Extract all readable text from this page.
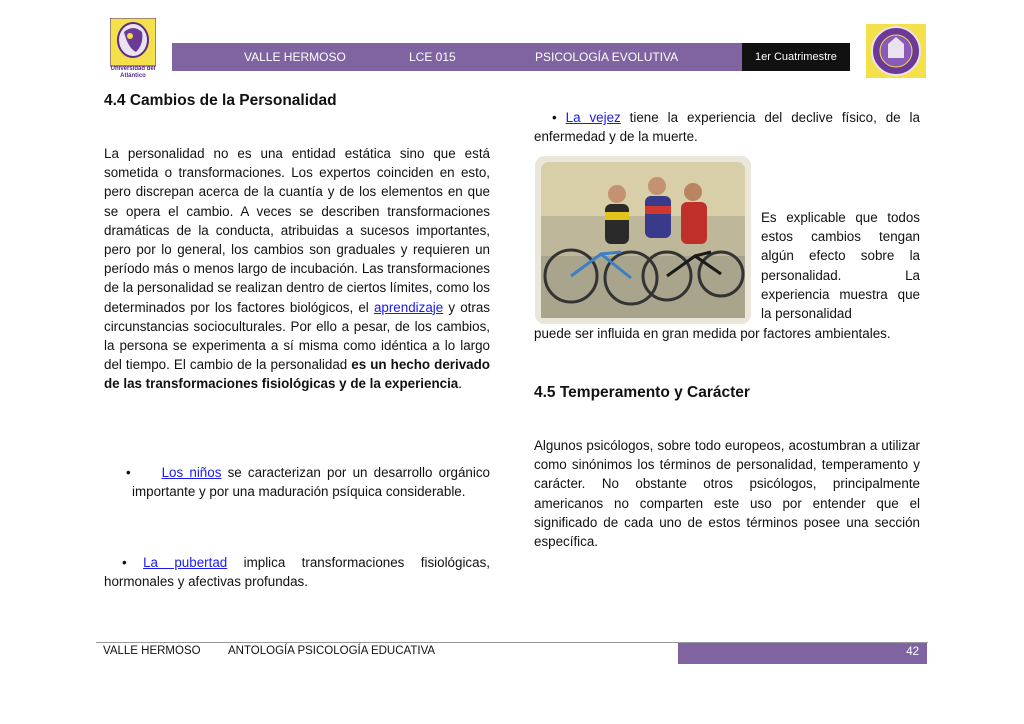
Universidad del Atlántico
VALLE HERMOSO	LCE 015	PSICOLOGÍA EVOLUTIVA	1er Cuatrimestre
4.4 Cambios de la Personalidad
La personalidad no es una entidad estática sino que está sometida o transformaciones. Los expertos coinciden en esto, pero discrepan acerca de la cuantía y de los elementos en que se opera el cambio. A veces se describen transformaciones dramáticas de la conducta, atribuidas a sucesos importantes, pero por lo general, los cambios son graduales y requieren un período más o menos largo de incubación. Las transformaciones de la personalidad se realizan dentro de ciertos límites, como los determinados por los factores biológicos, el aprendizaje y otras circunstancias socioculturales. Por ello a pesar, de los cambios, la persona se experimenta a sí misma como idéntica a lo largo del tiempo. El cambio de la personalidad es un hecho derivado de las transformaciones fisiológicas y de la experiencia.
•     Los niños se caracterizan por un desarrollo orgánico importante y por una maduración psíquica considerable.
• La pubertad implica transformaciones fisiológicas, hormonales y afectivas profundas.
• La vejez tiene la experiencia del declive físico, de la enfermedad y de la muerte.
Es explicable que todos estos cambios tengan algún efecto sobre la personalidad. La experiencia muestra que la personalidad
puede ser influida en gran medida por factores ambientales.
4.5 Temperamento y Carácter
Algunos psicólogos, sobre todo europeos, acostumbran a utilizar como sinónimos los términos de personalidad, temperamento y carácter. No obstante otros psicólogos, principalmente americanos no comparten este uso por entender que el significado de cada uno de estos términos posee una sección específica.
VALLE HERMOSO ANTOLOGÍA PSICOLOGÍA EDUCATIVA	42
